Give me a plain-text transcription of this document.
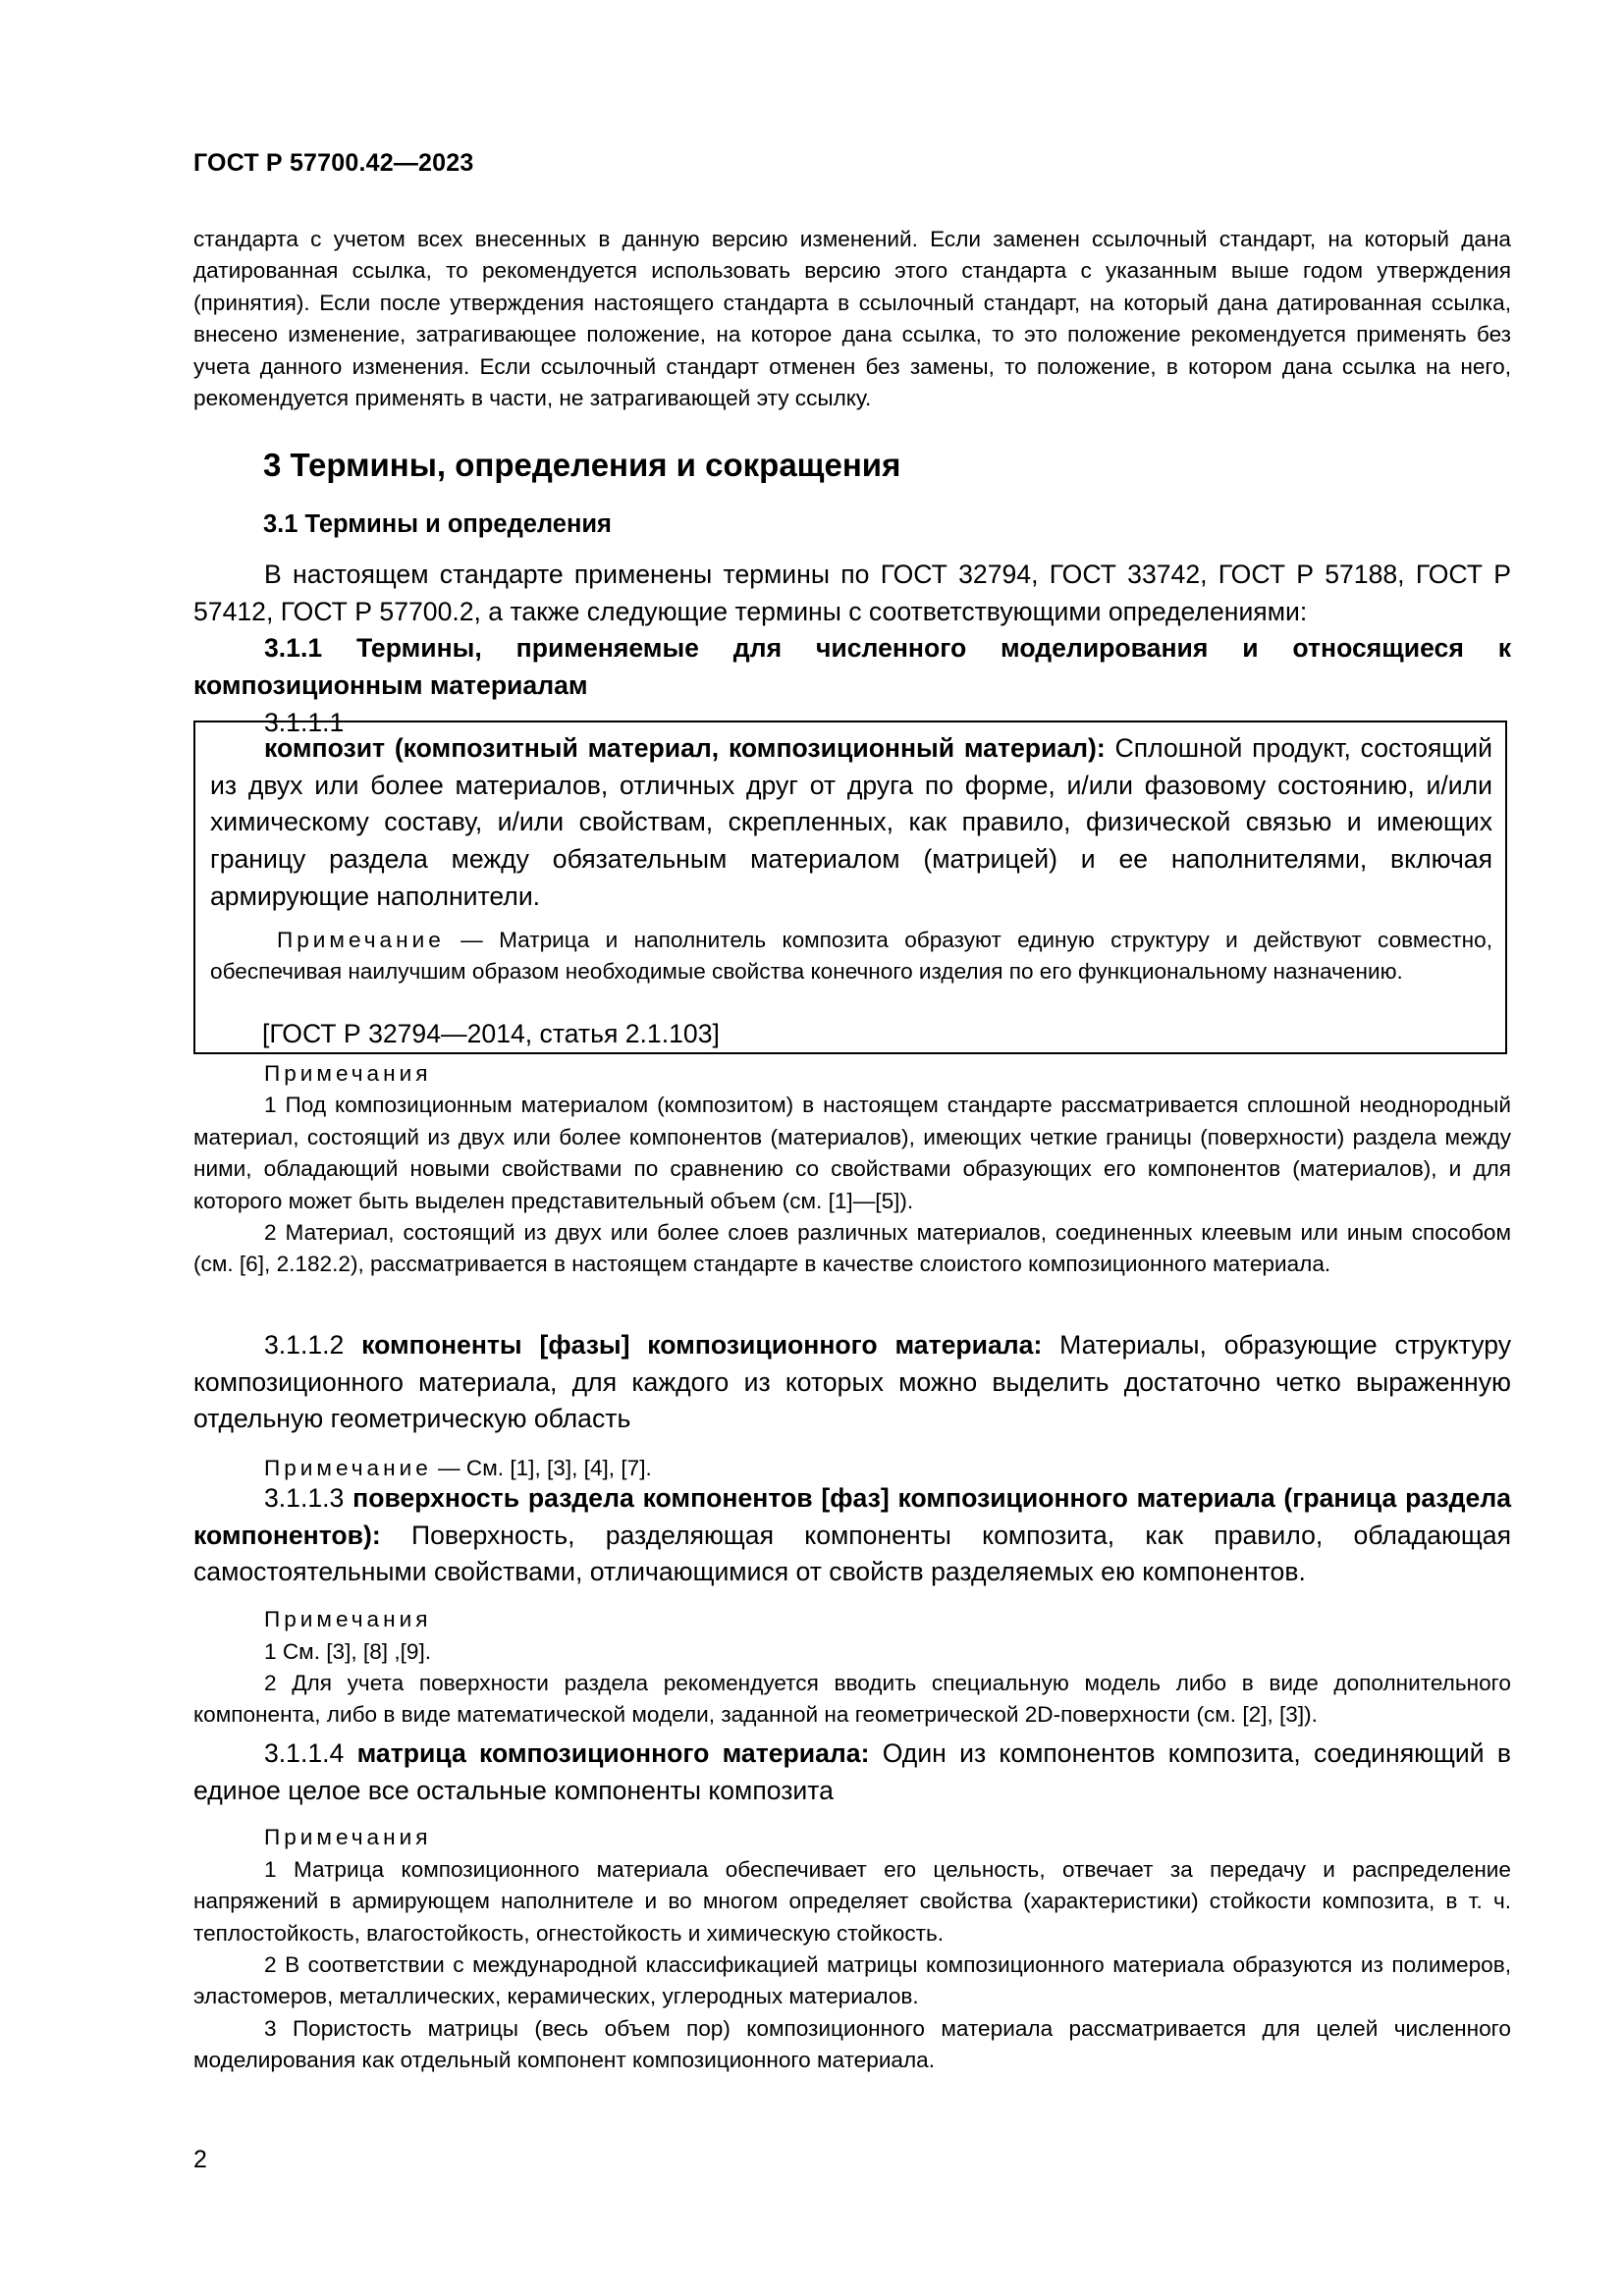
ГОСТ Р 57700.42—2023

стандарта с учетом всех внесенных в данную версию изменений. Если заменен ссылочный стандарт, на который дана датированная ссылка, то рекомендуется использовать версию этого стандарта с указанным выше годом утверждения (принятия). Если после утверждения настоящего стандарта в ссылочный стандарт, на который дана датированная ссылка, внесено изменение, затрагивающее положение, на которое дана ссылка, то это положение рекомендуется применять без учета данного изменения. Если ссылочный стандарт отменен без замены, то положение, в котором дана ссылка на него, рекомендуется применять в части, не затрагивающей эту ссылку.

3 Термины, определения и сокращения
3.1 Термины и определения

В настоящем стандарте применены термины по ГОСТ 32794, ГОСТ 33742, ГОСТ Р 57188, ГОСТ Р 57412, ГОСТ Р 57700.2, а также следующие термины с соответствующими определениями:

3.1.1 Термины, применяемые для численного моделирования и относящиеся к композиционным материалам

3.1.1.1

композит (композитный материал, композиционный материал): Сплошной продукт, состоящий из двух или более материалов, отличных друг от друга по форме, и/или фазовому состоянию, и/или химическому составу, и/или свойствам, скрепленных, как правило, физической связью и имеющих границу раздела между обязательным материалом (матрицей) и ее наполнителями, включая армирующие наполнители.

Примечание — Матрица и наполнитель композита образуют единую структуру и действуют совместно, обеспечивая наилучшим образом необходимые свойства конечного изделия по его функциональному назначению.

[ГОСТ Р 32794—2014, статья 2.1.103]

Примечания

1 Под композиционным материалом (композитом) в настоящем стандарте рассматривается сплошной неоднородный материал, состоящий из двух или более компонентов (материалов), имеющих четкие границы (поверхности) раздела между ними, обладающий новыми свойствами по сравнению со свойствами образующих его компонентов (материалов), и для которого может быть выделен представительный объем (см. [1]—[5]).

2 Материал, состоящий из двух или более слоев различных материалов, соединенных клеевым или иным способом (см. [6], 2.182.2), рассматривается в настоящем стандарте в качестве слоистого композиционного материала.

3.1.1.2 компоненты [фазы] композиционного материала: Материалы, образующие структуру композиционного материала, для каждого из которых можно выделить достаточно четко выраженную отдельную геометрическую область

Примечание — См. [1], [3], [4], [7].

3.1.1.3 поверхность раздела компонентов [фаз] композиционного материала (граница раздела компонентов): Поверхность, разделяющая компоненты композита, как правило, обладающая самостоятельными свойствами, отличающимися от свойств разделяемых ею компонентов.

Примечания

1 См. [3], [8] ,[9].

2 Для учета поверхности раздела рекомендуется вводить специальную модель либо в виде дополнительного компонента, либо в виде математической модели, заданной на геометрической 2D-поверхности (см. [2], [3]).

3.1.1.4 матрица композиционного материала: Один из компонентов композита, соединяющий в единое целое все остальные компоненты композита

Примечания

1 Матрица композиционного материала обеспечивает его цельность, отвечает за передачу и распределение напряжений в армирующем наполнителе и во многом определяет свойства (характеристики) стойкости композита, в т. ч. теплостойкость, влагостойкость, огнестойкость и химическую стойкость.

2 В соответствии с международной классификацией матрицы композиционного материала образуются из полимеров, эластомеров, металлических, керамических, углеродных материалов.

3 Пористость матрицы (весь объем пор) композиционного материала рассматривается для целей численного моделирования как отдельный компонент композиционного материала.

2
